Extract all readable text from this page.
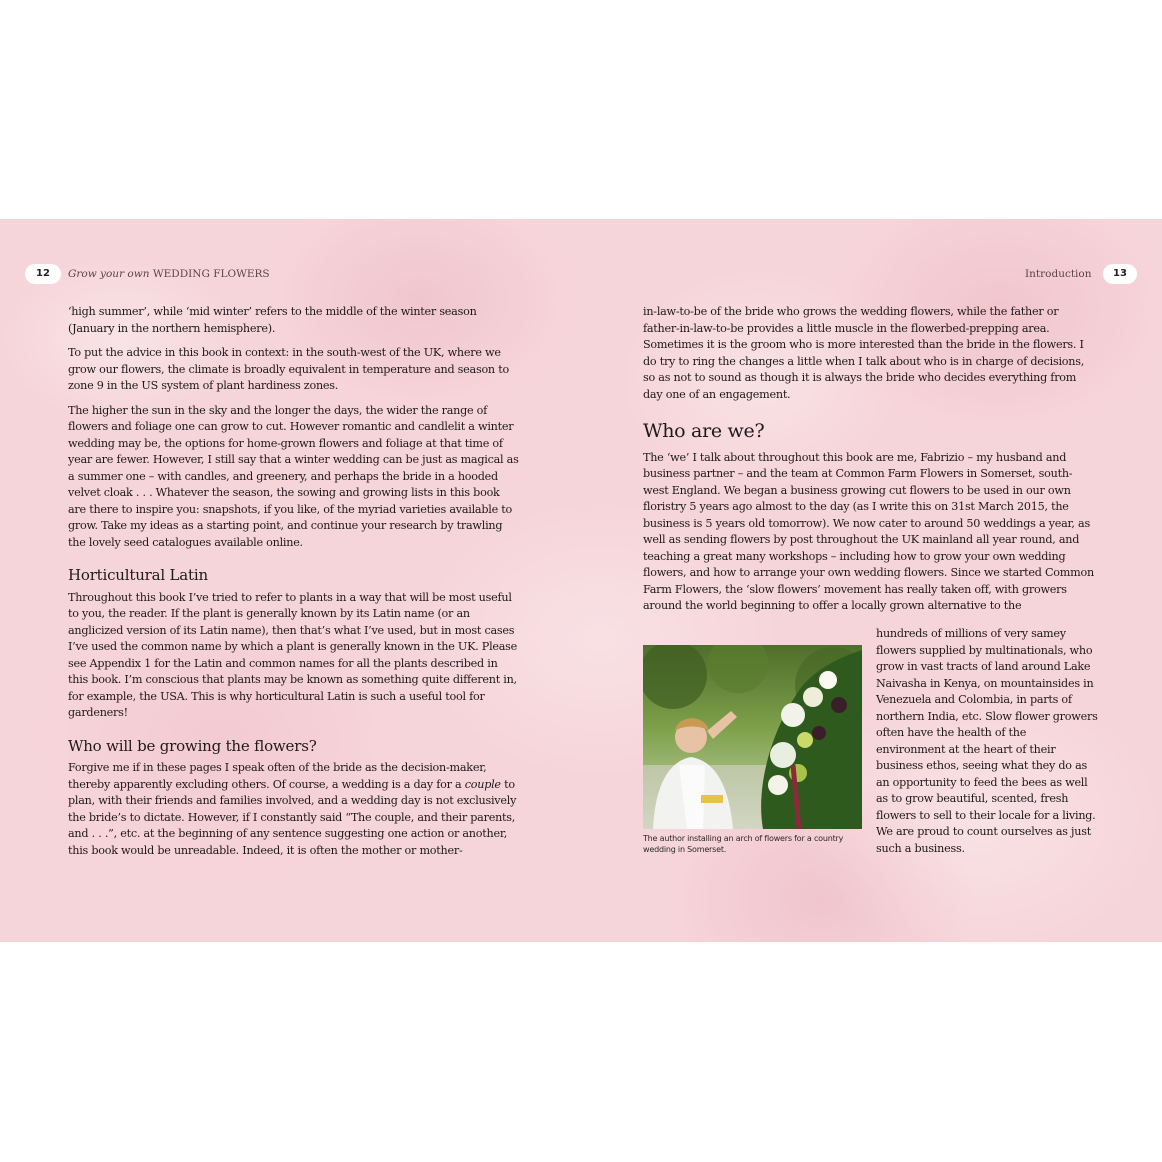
12	Grow your own WEDDING FLOWERS	Introduction	13

‘high summer’, while ‘mid winter’ refers to the middle of the winter season (January in the northern hemisphere).

To put the advice in this book in context: in the south-west of the UK, where we grow our flowers, the climate is broadly equivalent in temperature and season to zone 9 in the US system of plant hardiness zones.

The higher the sun in the sky and the longer the days, the wider the range of flowers and foliage one can grow to cut. However romantic and candlelit a winter wedding may be, the options for home-grown flowers and foliage at that time of year are fewer. However, I still say that a winter wedding can be just as magical as a summer one – with candles, and greenery, and perhaps the bride in a hooded velvet cloak . . . Whatever the season, the sowing and growing lists in this book are there to inspire you: snapshots, if you like, of the myriad varieties available to grow. Take my ideas as a starting point, and continue your research by trawling the lovely seed catalogues available online.

Horticultural Latin

Throughout this book I’ve tried to refer to plants in a way that will be most useful to you, the reader. If the plant is generally known by its Latin name (or an anglicized version of its Latin name), then that’s what I’ve used, but in most cases I’ve used the common name by which a plant is generally known in the UK. Please see Appendix 1 for the Latin and common names for all the plants described in this book. I’m conscious that plants may be known as something quite different in, for example, the USA. This is why horticultural Latin is such a useful tool for gardeners!

Who will be growing the flowers?

Forgive me if in these pages I speak often of the bride as the decision-maker, thereby apparently excluding others. Of course, a wedding is a day for a couple to plan, with their friends and families involved, and a wedding day is not exclusively the bride’s to dictate. However, if I constantly said “The couple, and their parents, and . . .”, etc. at the beginning of any sentence suggesting one action or another, this book would be unreadable. Indeed, it is often the mother or mother-

in-law-to-be of the bride who grows the wedding flowers, while the father or father-in-law-to-be provides a little muscle in the flowerbed-prepping area. Sometimes it is the groom who is more interested than the bride in the flowers. I do try to ring the changes a little when I talk about who is in charge of decisions, so as not to sound as though it is always the bride who decides everything from day one of an engagement.

Who are we?

The ‘we’ I talk about throughout this book are me, Fabrizio – my husband and business partner – and the team at Common Farm Flowers in Somerset, south-west England. We began a business growing cut flowers to be used in our own floristry 5 years ago almost to the day (as I write this on 31st March 2015, the business is 5 years old tomorrow). We now cater to around 50 weddings a year, as well as sending flowers by post throughout the UK mainland all year round, and teaching a great many workshops – including how to grow your own wedding flowers, and how to arrange your own wedding flowers. Since we started Common Farm Flowers, the ‘slow flowers’ movement has really taken off, with growers around the world beginning to offer a locally grown alternative to the

The author installing an arch of flowers for a country wedding in Somerset.
hundreds of millions of very samey flowers supplied by multinationals, who grow in vast tracts of land around Lake Naivasha in Kenya, on mountainsides in Venezuela and Colombia, in parts of northern India, etc. Slow flower growers often have the health of the environment at the heart of their business ethos, seeing what they do as an opportunity to feed the bees as well as to grow beautiful, scented, fresh flowers to sell to their locale for a living. We are proud to count ourselves as just such a business.
